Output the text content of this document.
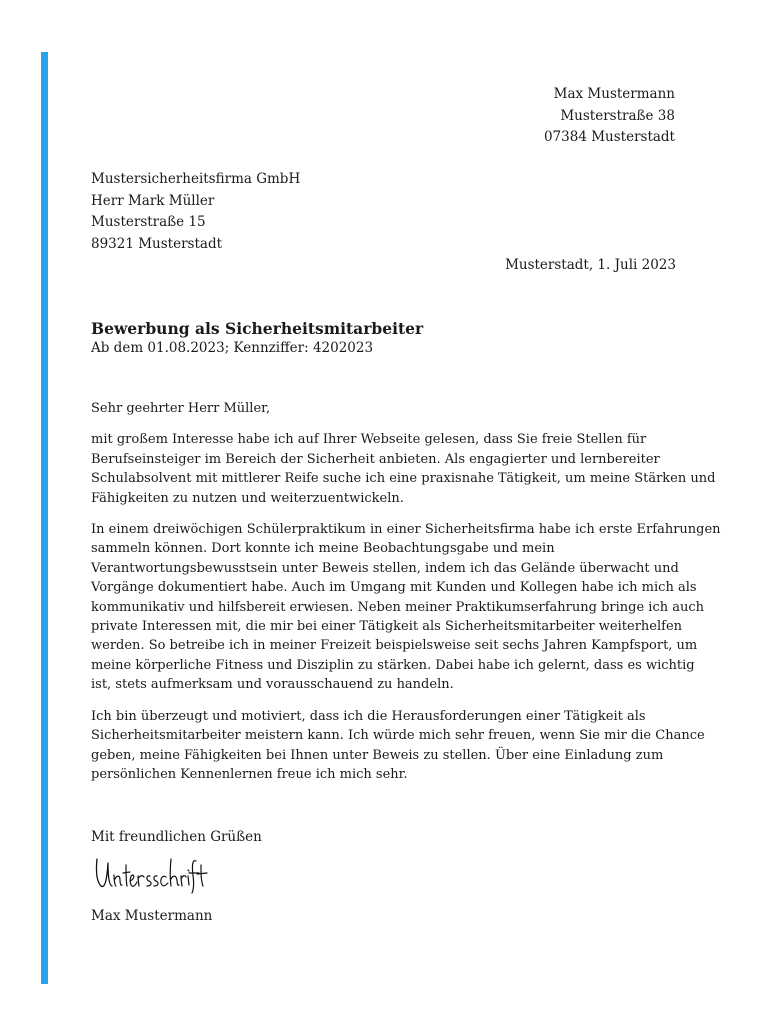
Max Mustermann
Musterstraße 38
07384 Musterstadt
Mustersicherheitsfirma GmbH
Herr Mark Müller
Musterstraße 15
89321 Musterstadt
Musterstadt, 1. Juli 2023
Bewerbung als Sicherheitsmitarbeiter
Ab dem 01.08.2023; Kennziffer: 4202023

Sehr geehrter Herr Müller,

mit großem Interesse habe ich auf Ihrer Webseite gelesen, dass Sie freie Stellen für
Berufseinsteiger im Bereich der Sicherheit anbieten. Als engagierter und lernbereiter
Schulabsolvent mit mittlerer Reife suche ich eine praxisnahe Tätigkeit, um meine Stärken und
Fähigkeiten zu nutzen und weiterzuentwickeln.

In einem dreiwöchigen Schülerpraktikum in einer Sicherheitsfirma habe ich erste Erfahrungen
sammeln können. Dort konnte ich meine Beobachtungsgabe und mein
Verantwortungsbewusstsein unter Beweis stellen, indem ich das Gelände überwacht und
Vorgänge dokumentiert habe. Auch im Umgang mit Kunden und Kollegen habe ich mich als
kommunikativ und hilfsbereit erwiesen. Neben meiner Praktikumserfahrung bringe ich auch
private Interessen mit, die mir bei einer Tätigkeit als Sicherheitsmitarbeiter weiterhelfen
werden. So betreibe ich in meiner Freizeit beispielsweise seit sechs Jahren Kampfsport, um
meine körperliche Fitness und Disziplin zu stärken. Dabei habe ich gelernt, dass es wichtig
ist, stets aufmerksam und vorausschauend zu handeln.

Ich bin überzeugt und motiviert, dass ich die Herausforderungen einer Tätigkeit als
Sicherheitsmitarbeiter meistern kann. Ich würde mich sehr freuen, wenn Sie mir die Chance
geben, meine Fähigkeiten bei Ihnen unter Beweis zu stellen. Über eine Einladung zum
persönlichen Kennenlernen freue ich mich sehr.

Mit freundlichen Grüßen
Max Mustermann
